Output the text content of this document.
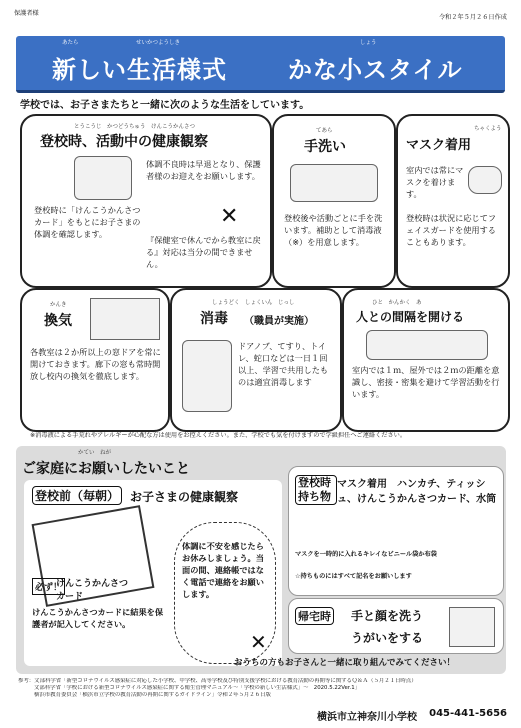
保護者様
令和２年５月２６日作成
あたら	せいかつようしき	しょう
新しい生活様式	かな小スタイル
学校では、お子さまたちと一緒に次のような生活をしています。
とうこうじ　かつどうちゅう　けんこうかんさつ
登校時、活動中の健康観察
体調不良時は早退となり、保護者様のお迎えをお願いします。
登校時に「けんこうかんさつカード」をもとにお子さまの体調を確認します。
『保健室で休んでから教室に戻る』対応は当分の間できません。
✕
てあら
手洗い
登校後や活動ごとに手を洗います。補助として消毒液（※）を用意します。
ちゃくよう
マスク着用
室内では常にマスクを着けます。
登校時は状況に応じてフェイスガードを使用することもあります。
かんき
換気
各教室は２か所以上の窓ドアを常に開けておきます。廊下の窓も常時開放し校内の換気を徹底します。
しょうどく　しょくいん　じっし
消毒 （職員が実施）
ドアノブ、てすり、トイレ、蛇口などは一日１回以上、学習で共用したものは適宜消毒します
ひと　かんかく　あ
人との間隔を開ける
室内では１ｍ、屋外では２ｍの距離を意識し、密接・密集を避けて学習活動を行います。
※消毒液による手荒れやアレルギーが心配な方は使用をお控えください。また、学校でも気を付けますので学級担任へご連絡ください。
かてい　ねが
ご家庭にお願いしたいこと
登校前（毎朝） お子さまの健康観察
けんこうかんさつカード
必ず！
けんこうかんさつカードに結果を保護者が記入してください。
体調に不安を感じたらお休みしましょう。当面の間、連絡帳ではなく電話で連絡をお願いします。
✕
登校時持ち物
マスク着用　ハンカチ、ティッシュ、けんこうかんさつカード、水筒
マスクを一時的に入れるキレイなビニール袋か布袋
☆持ちものにはすべて記名をお願いします
帰宅時 手と顔を洗う
うがいをする
おうちの方もお子さんと一緒に取り組んでみてください！
参考：文部科学省「新型コロナウイルス感染症に対応した小学校、中学校、高等学校及び特別支援学校における教育活動の再開等に関するＱ＆Ａ（５月２１日時点）
文部科学省「学校における新型コロナウイルス感染症に関する衛生管理マニュアル～「学校の新しい生活様式」～　2020.5.22Ver.1」
横浜市教育委員会「横浜市立学校の教育活動の再開に関するガイドライン」令和２年５月２６日版
横浜市立神奈川小学校 045-441-5656
